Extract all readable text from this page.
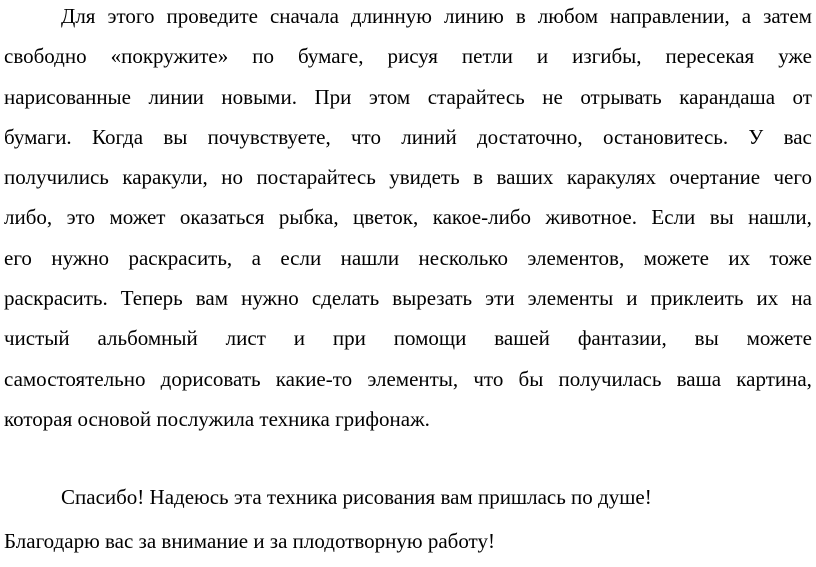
Для этого проведите сначала длинную линию в любом направлении, а затем
свободно «покружите» по бумаге, рисуя петли и изгибы, пересекая уже
нарисованные линии новыми. При этом старайтесь не отрывать карандаша от
бумаги. Когда вы почувствуете, что линий достаточно, остановитесь. У вас
получились каракули, но постарайтесь увидеть в ваших каракулях очертание чего
либо, это может оказаться рыбка, цветок, какое-либо животное. Если вы нашли,
его нужно раскрасить, а если нашли несколько элементов, можете их тоже
раскрасить. Теперь вам нужно сделать вырезать эти элементы и приклеить их на
чистый альбомный лист и при помощи вашей фантазии, вы можете
самостоятельно дорисовать какие-то элементы, что бы получилась ваша картина,
которая основой послужила техника грифонаж.
Спасибо! Надеюсь эта техника рисования вам пришлась по душе!
Благодарю вас за внимание и за плодотворную работу!
